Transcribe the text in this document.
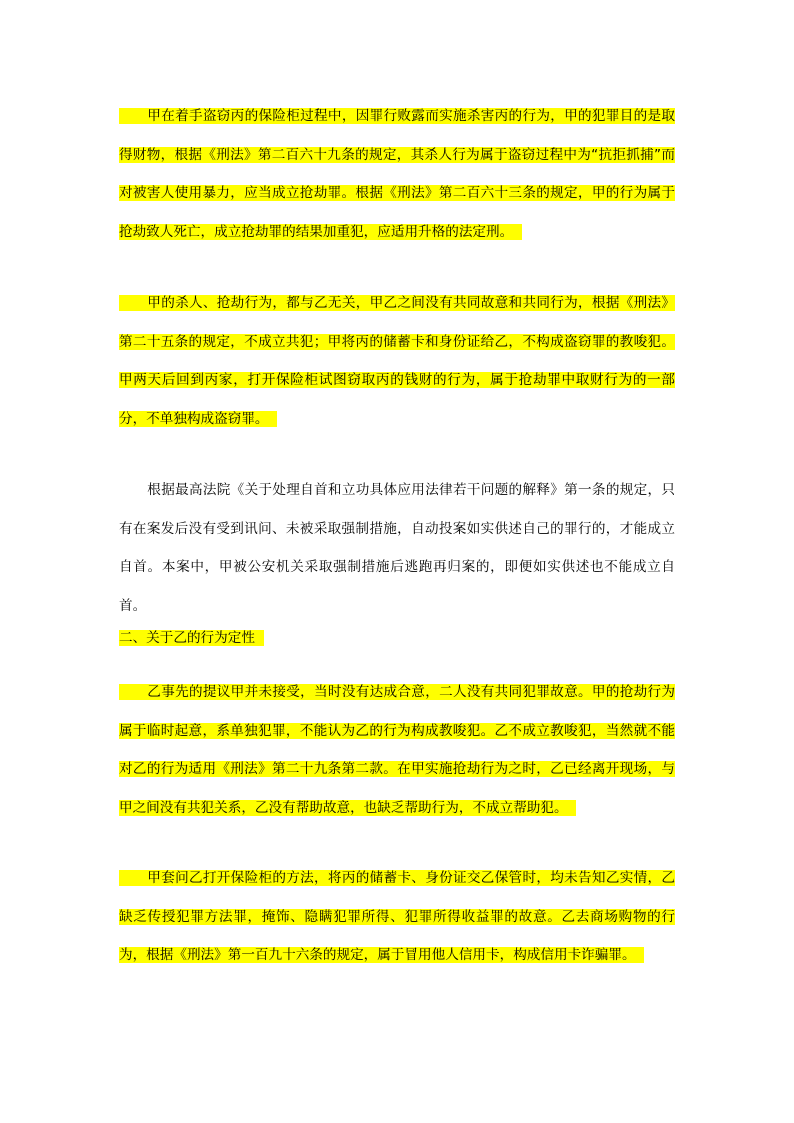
甲在着手盗窃丙的保险柜过程中，因罪行败露而实施杀害丙的行为，甲的犯罪目的是取得财物，根据《刑法》第二百六十九条的规定，其杀人行为属于盗窃过程中为“抗拒抓捕”而对被害人使用暴力，应当成立抢劫罪。根据《刑法》第二百六十三条的规定，甲的行为属于抢劫致人死亡，成立抢劫罪的结果加重犯，应适用升格的法定刑。
甲的杀人、抢劫行为，都与乙无关，甲乙之间没有共同故意和共同行为，根据《刑法》第二十五条的规定，不成立共犯；甲将丙的储蓄卡和身份证给乙，不构成盗窃罪的教唆犯。甲两天后回到丙家，打开保险柜试图窃取丙的钱财的行为，属于抢劫罪中取财行为的一部分，不单独构成盗窃罪。
根据最高法院《关于处理自首和立功具体应用法律若干问题的解释》第一条的规定，只有在案发后没有受到讯问、未被采取强制措施，自动投案如实供述自己的罪行的，才能成立自首。本案中，甲被公安机关采取强制措施后逃跑再归案的，即便如实供述也不能成立自首。
二、关于乙的行为定性
乙事先的提议甲并未接受，当时没有达成合意，二人没有共同犯罪故意。甲的抢劫行为属于临时起意，系单独犯罪，不能认为乙的行为构成教唆犯。乙不成立教唆犯，当然就不能对乙的行为适用《刑法》第二十九条第二款。在甲实施抢劫行为之时，乙已经离开现场，与甲之间没有共犯关系，乙没有帮助故意，也缺乏帮助行为，不成立帮助犯。
甲套问乙打开保险柜的方法，将丙的储蓄卡、身份证交乙保管时，均未告知乙实情，乙缺乏传授犯罪方法罪，掩饰、隐瞒犯罪所得、犯罪所得收益罪的故意。乙去商场购物的行为，根据《刑法》第一百九十六条的规定，属于冒用他人信用卡，构成信用卡诈骗罪。
